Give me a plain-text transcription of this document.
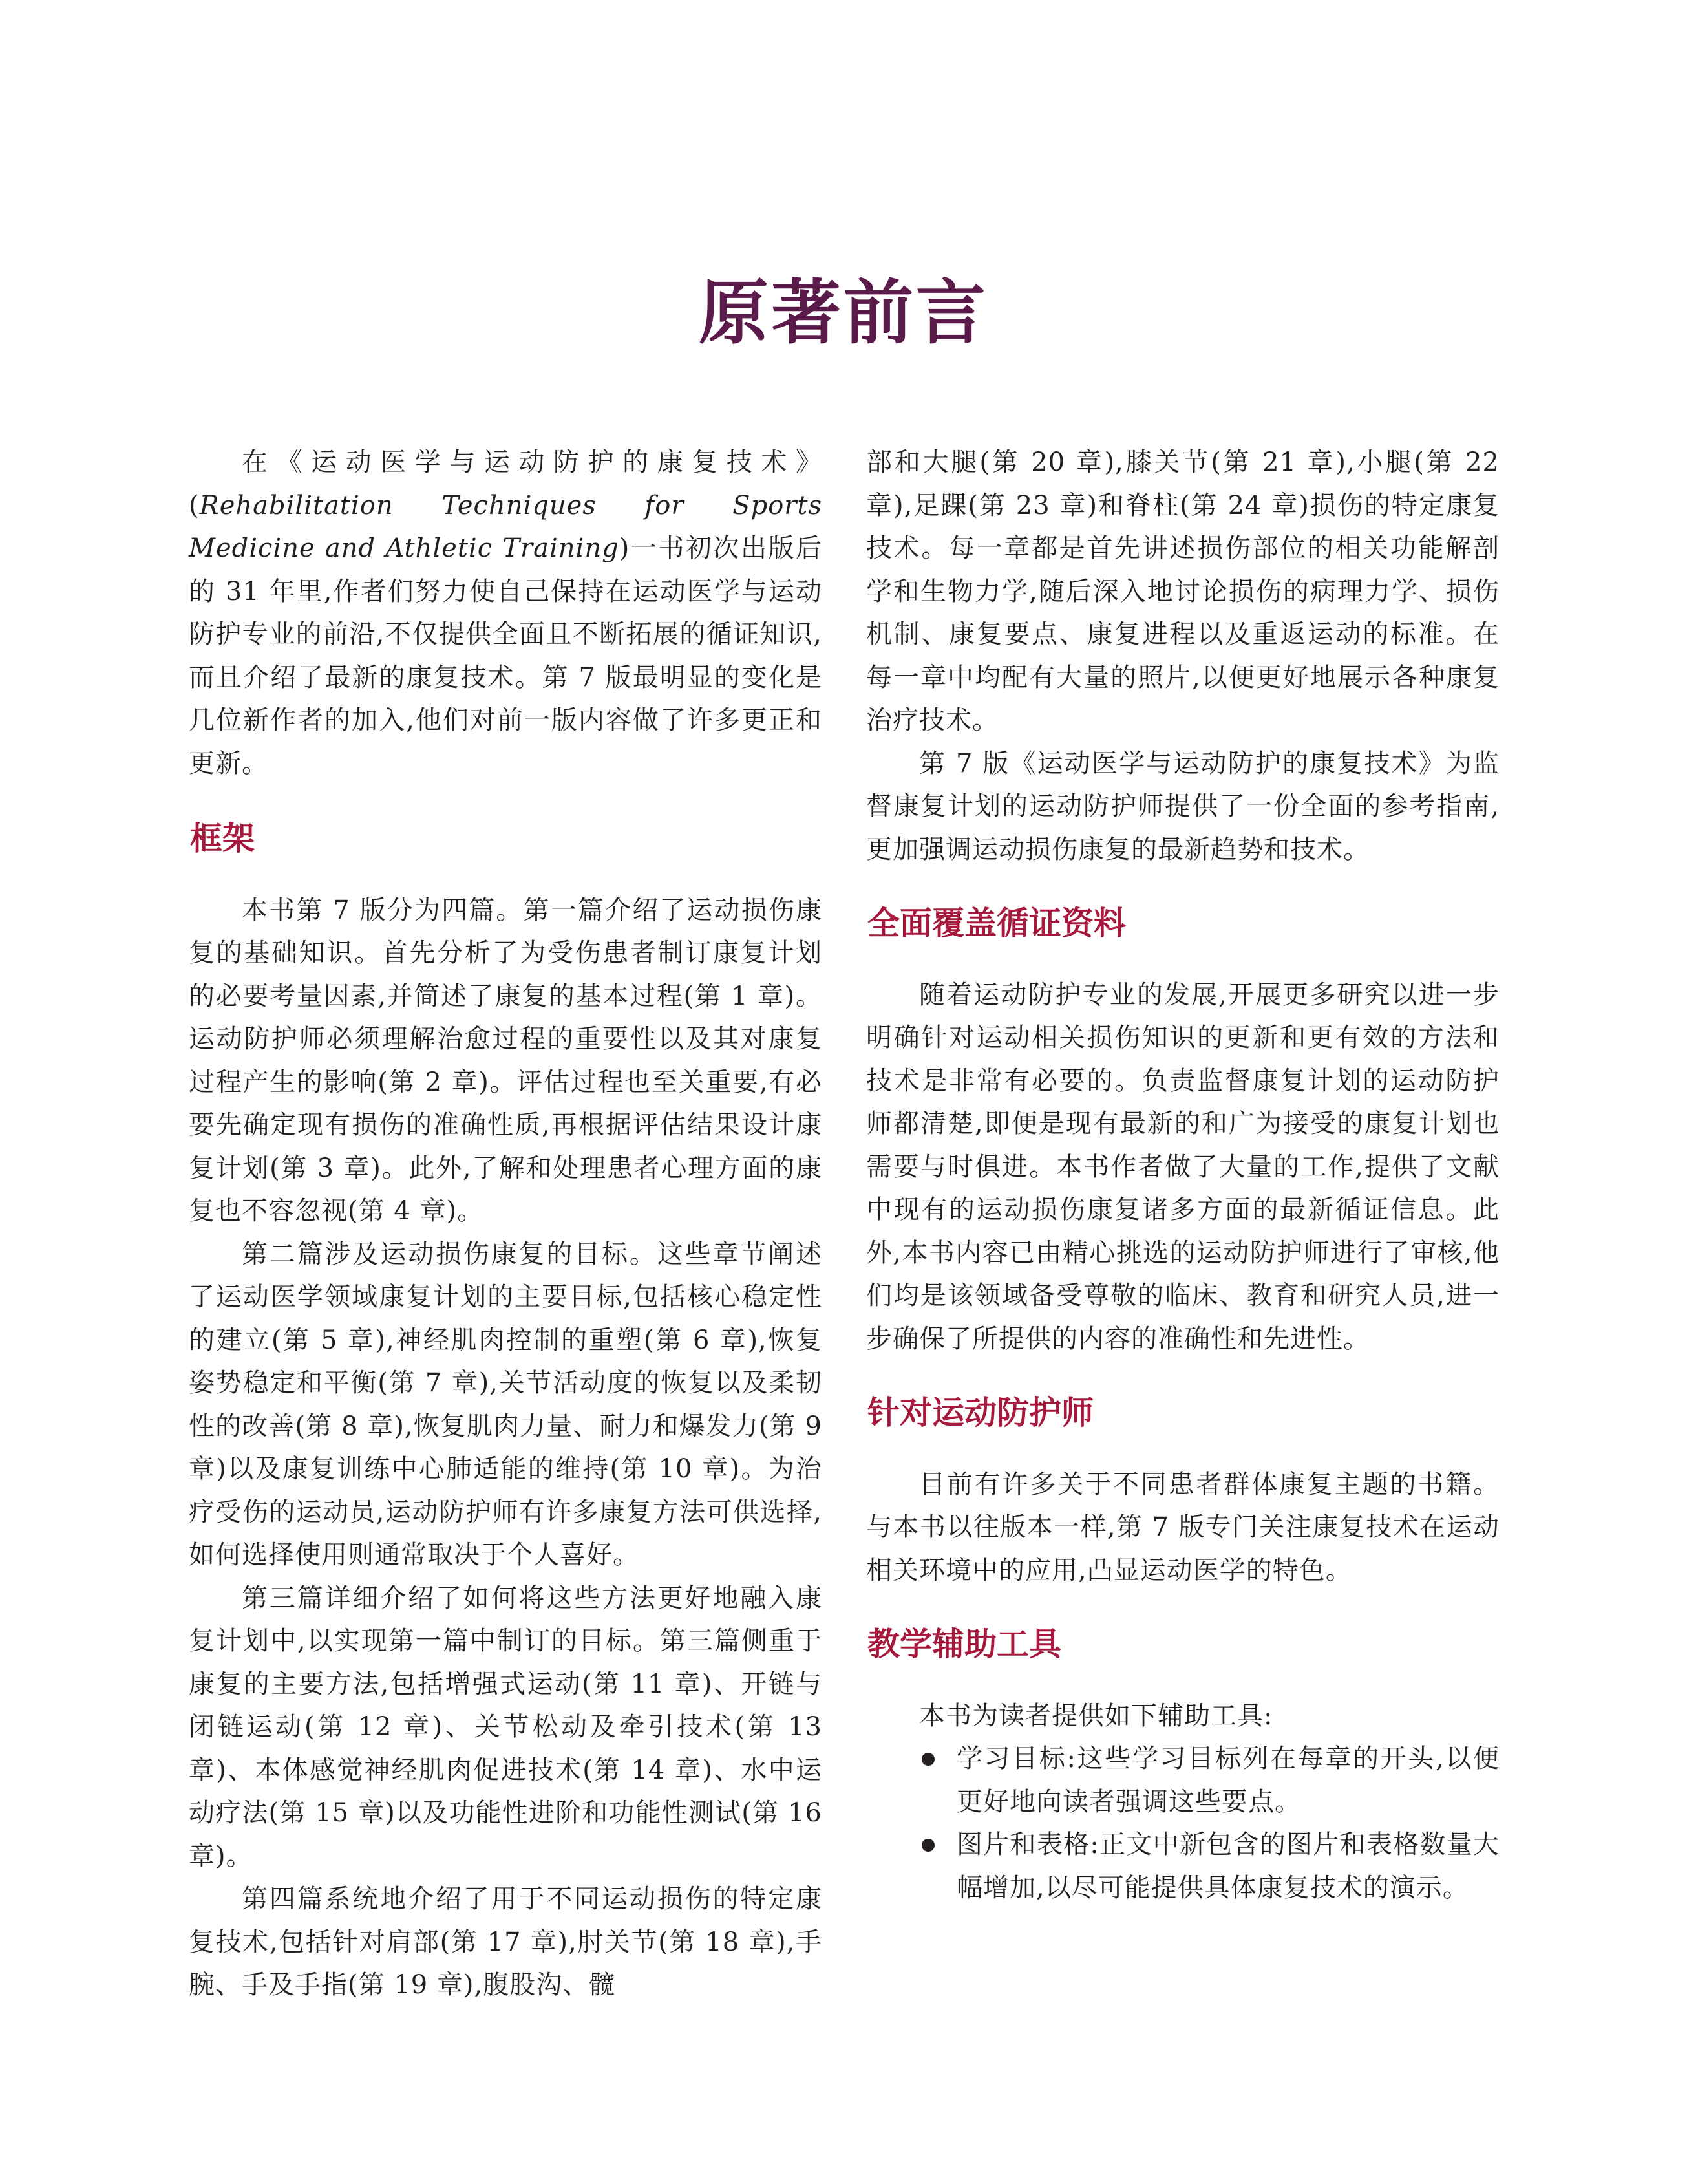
原著前言

在《运动医学与运动防护的康复技术》(Rehabilitation Techniques for Sports Medicine and Athletic Training)一书初次出版后的 31 年里,作者们努力使自己保持在运动医学与运动防护专业的前沿,不仅提供全面且不断拓展的循证知识,而且介绍了最新的康复技术。第 7 版最明显的变化是几位新作者的加入,他们对前一版内容做了许多更正和更新。

框架

本书第 7 版分为四篇。第一篇介绍了运动损伤康复的基础知识。首先分析了为受伤患者制订康复计划的必要考量因素,并简述了康复的基本过程(第 1 章)。运动防护师必须理解治愈过程的重要性以及其对康复过程产生的影响(第 2 章)。评估过程也至关重要,有必要先确定现有损伤的准确性质,再根据评估结果设计康复计划(第 3 章)。此外,了解和处理患者心理方面的康复也不容忽视(第 4 章)。

第二篇涉及运动损伤康复的目标。这些章节阐述了运动医学领域康复计划的主要目标,包括核心稳定性的建立(第 5 章),神经肌肉控制的重塑(第 6 章),恢复姿势稳定和平衡(第 7 章),关节活动度的恢复以及柔韧性的改善(第 8 章),恢复肌肉力量、耐力和爆发力(第 9 章)以及康复训练中心肺适能的维持(第 10 章)。为治疗受伤的运动员,运动防护师有许多康复方法可供选择,如何选择使用则通常取决于个人喜好。

第三篇详细介绍了如何将这些方法更好地融入康复计划中,以实现第一篇中制订的目标。第三篇侧重于康复的主要方法,包括增强式运动(第 11 章)、开链与闭链运动(第 12 章)、关节松动及牵引技术(第 13 章)、本体感觉神经肌肉促进技术(第 14 章)、水中运动疗法(第 15 章)以及功能性进阶和功能性测试(第 16 章)。

第四篇系统地介绍了用于不同运动损伤的特定康复技术,包括针对肩部(第 17 章),肘关节(第 18 章),手腕、手及手指(第 19 章),腹股沟、髋

部和大腿(第 20 章),膝关节(第 21 章),小腿(第 22 章),足踝(第 23 章)和脊柱(第 24 章)损伤的特定康复技术。每一章都是首先讲述损伤部位的相关功能解剖学和生物力学,随后深入地讨论损伤的病理力学、损伤机制、康复要点、康复进程以及重返运动的标准。在每一章中均配有大量的照片,以便更好地展示各种康复治疗技术。

第 7 版《运动医学与运动防护的康复技术》为监督康复计划的运动防护师提供了一份全面的参考指南,更加强调运动损伤康复的最新趋势和技术。

全面覆盖循证资料

随着运动防护专业的发展,开展更多研究以进一步明确针对运动相关损伤知识的更新和更有效的方法和技术是非常有必要的。负责监督康复计划的运动防护师都清楚,即便是现有最新的和广为接受的康复计划也需要与时俱进。本书作者做了大量的工作,提供了文献中现有的运动损伤康复诸多方面的最新循证信息。此外,本书内容已由精心挑选的运动防护师进行了审核,他们均是该领域备受尊敬的临床、教育和研究人员,进一步确保了所提供的内容的准确性和先进性。

针对运动防护师

目前有许多关于不同患者群体康复主题的书籍。与本书以往版本一样,第 7 版专门关注康复技术在运动相关环境中的应用,凸显运动医学的特色。

教学辅助工具

本书为读者提供如下辅助工具:

学习目标:这些学习目标列在每章的开头,以便更好地向读者强调这些要点。

图片和表格:正文中新包含的图片和表格数量大幅增加,以尽可能提供具体康复技术的演示。
